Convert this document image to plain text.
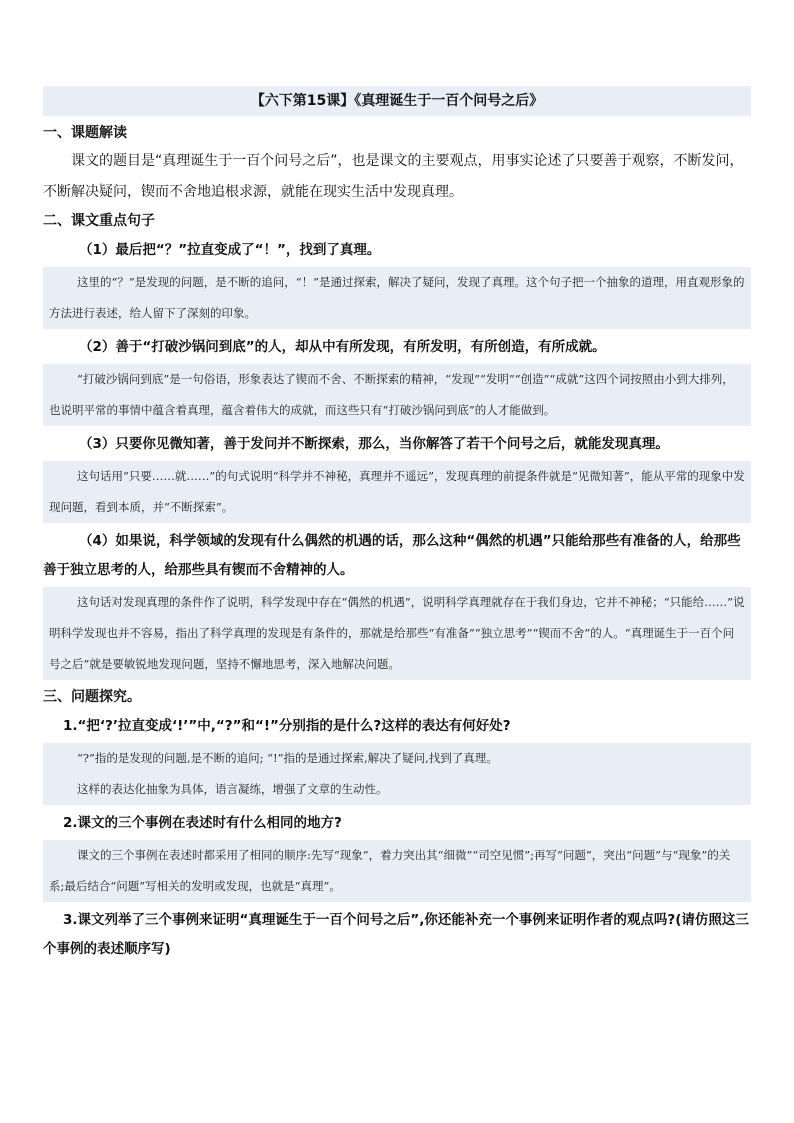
【六下第15课】《真理诞生于一百个问号之后》
一、课题解读

课文的题目是“真理诞生于一百个问号之后”，也是课文的主要观点，用事实论述了只要善于观察，不断发问，不断解决疑问，锲而不舍地追根求源，就能在现实生活中发现真理。

二、课文重点句子
（1）最后把“？”拉直变成了“！”，找到了真理。
这里的“？”是发现的问题，是不断的追问，“！”是通过探索，解决了疑问，发现了真理。这个句子把一个抽象的道理，用直观形象的方法进行表述，给人留下了深刻的印象。
（2）善于“打破沙锅问到底”的人，却从中有所发现，有所发明，有所创造，有所成就。
“打破沙锅问到底”是一句俗语，形象表达了锲而不舍、不断探索的精神，“发现”“发明”“创造”“成就”这四个词按照由小到大排列，也说明平常的事情中蕴含着真理，蕴含着伟大的成就，而这些只有“打破沙锅问到底”的人才能做到。
（3）只要你见微知著，善于发问并不断探索，那么，当你解答了若干个问号之后，就能发现真理。
这句话用“只要……就……”的句式说明“科学并不神秘，真理并不遥远”，发现真理的前提条件就是“见微知著”，能从平常的现象中发现问题，看到本质，并“不断探索”。
（4）如果说，科学领域的发现有什么偶然的机遇的话，那么这种“偶然的机遇”只能给那些有准备的人，给那些善于独立思考的人，给那些具有锲而不舍精神的人。
这句话对发现真理的条件作了说明，科学发现中存在“偶然的机遇”，说明科学真理就存在于我们身边，它并不神秘；“只能给……”说明科学发现也并不容易，指出了科学真理的发现是有条件的，那就是给那些“有准备”“独立思考”“锲而不舍”的人。“真理诞生于一百个问号之后”就是要敏锐地发现问题，坚持不懈地思考，深入地解决问题。
三、问题探究。
1.“把‘?’拉直变成‘!’”中,“?”和“!”分别指的是什么?这样的表达有何好处?
“?”指的是发现的问题,是不断的追问; “!”指的是通过探索,解决了疑问,找到了真理。
这样的表达化抽象为具体，语言凝练，增强了文章的生动性。
2.课文的三个事例在表述时有什么相同的地方?
课文的三个事例在表述时都采用了相同的顺序:先写“现象”，着力突出其“细微”“司空见惯”;再写“问题”，突出“问题”与“现象”的关系;最后结合“问题”写相关的发明或发现，也就是“真理”。
3.课文列举了三个事例来证明“真理诞生于一百个问号之后”,你还能补充一个事例来证明作者的观点吗?(请仿照这三个事例的表述顺序写)
